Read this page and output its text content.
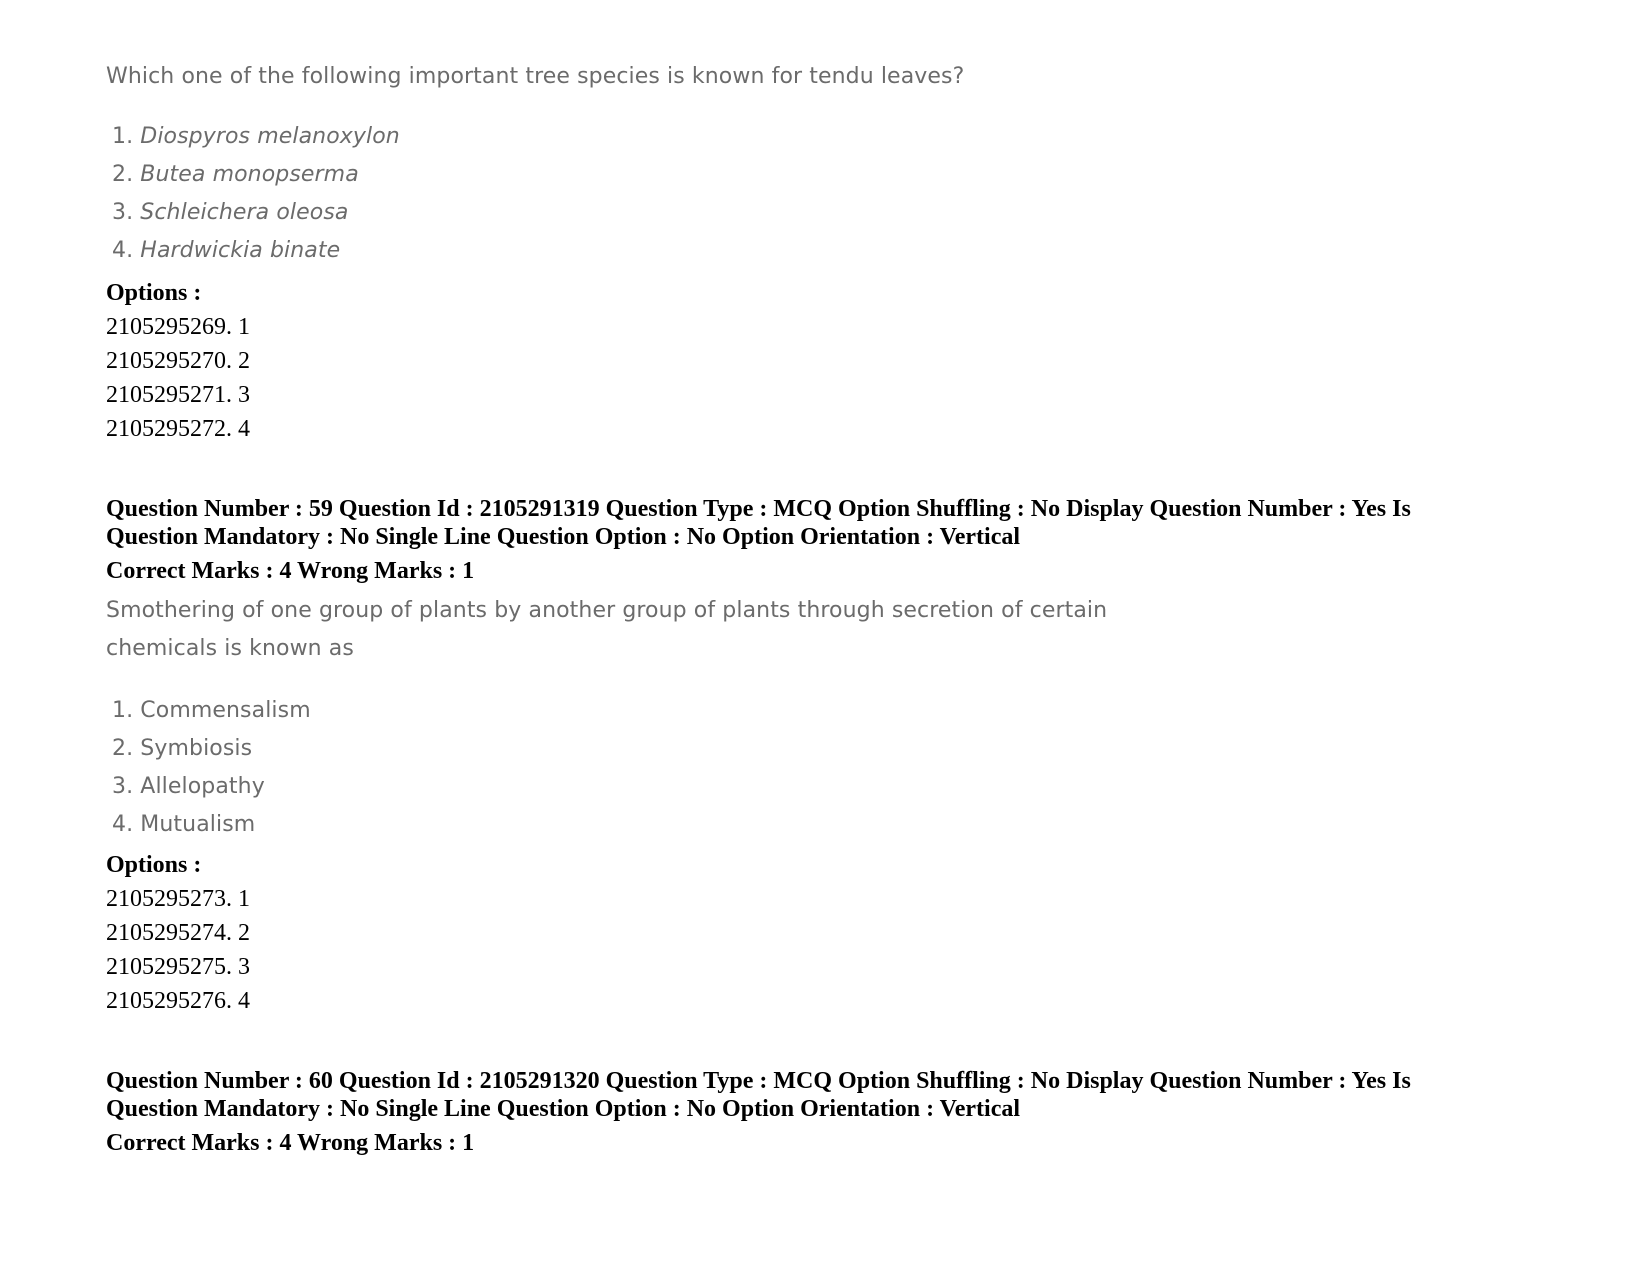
Which one of the following important tree species is known for tendu leaves?
1. Diospyros melanoxylon
2. Butea monopserma
3. Schleichera oleosa
4. Hardwickia binate
Options :
2105295269. 1
2105295270. 2
2105295271. 3
2105295272. 4
Question Number : 59 Question Id : 2105291319 Question Type : MCQ Option Shuffling : No Display Question Number : Yes Is
Question Mandatory : No Single Line Question Option : No Option Orientation : Vertical
Correct Marks : 4 Wrong Marks : 1
Smothering of one group of plants by another group of plants through secretion of certain
chemicals is known as
1. Commensalism
2. Symbiosis
3. Allelopathy
4. Mutualism
Options :
2105295273. 1
2105295274. 2
2105295275. 3
2105295276. 4
Question Number : 60 Question Id : 2105291320 Question Type : MCQ Option Shuffling : No Display Question Number : Yes Is
Question Mandatory : No Single Line Question Option : No Option Orientation : Vertical
Correct Marks : 4 Wrong Marks : 1
